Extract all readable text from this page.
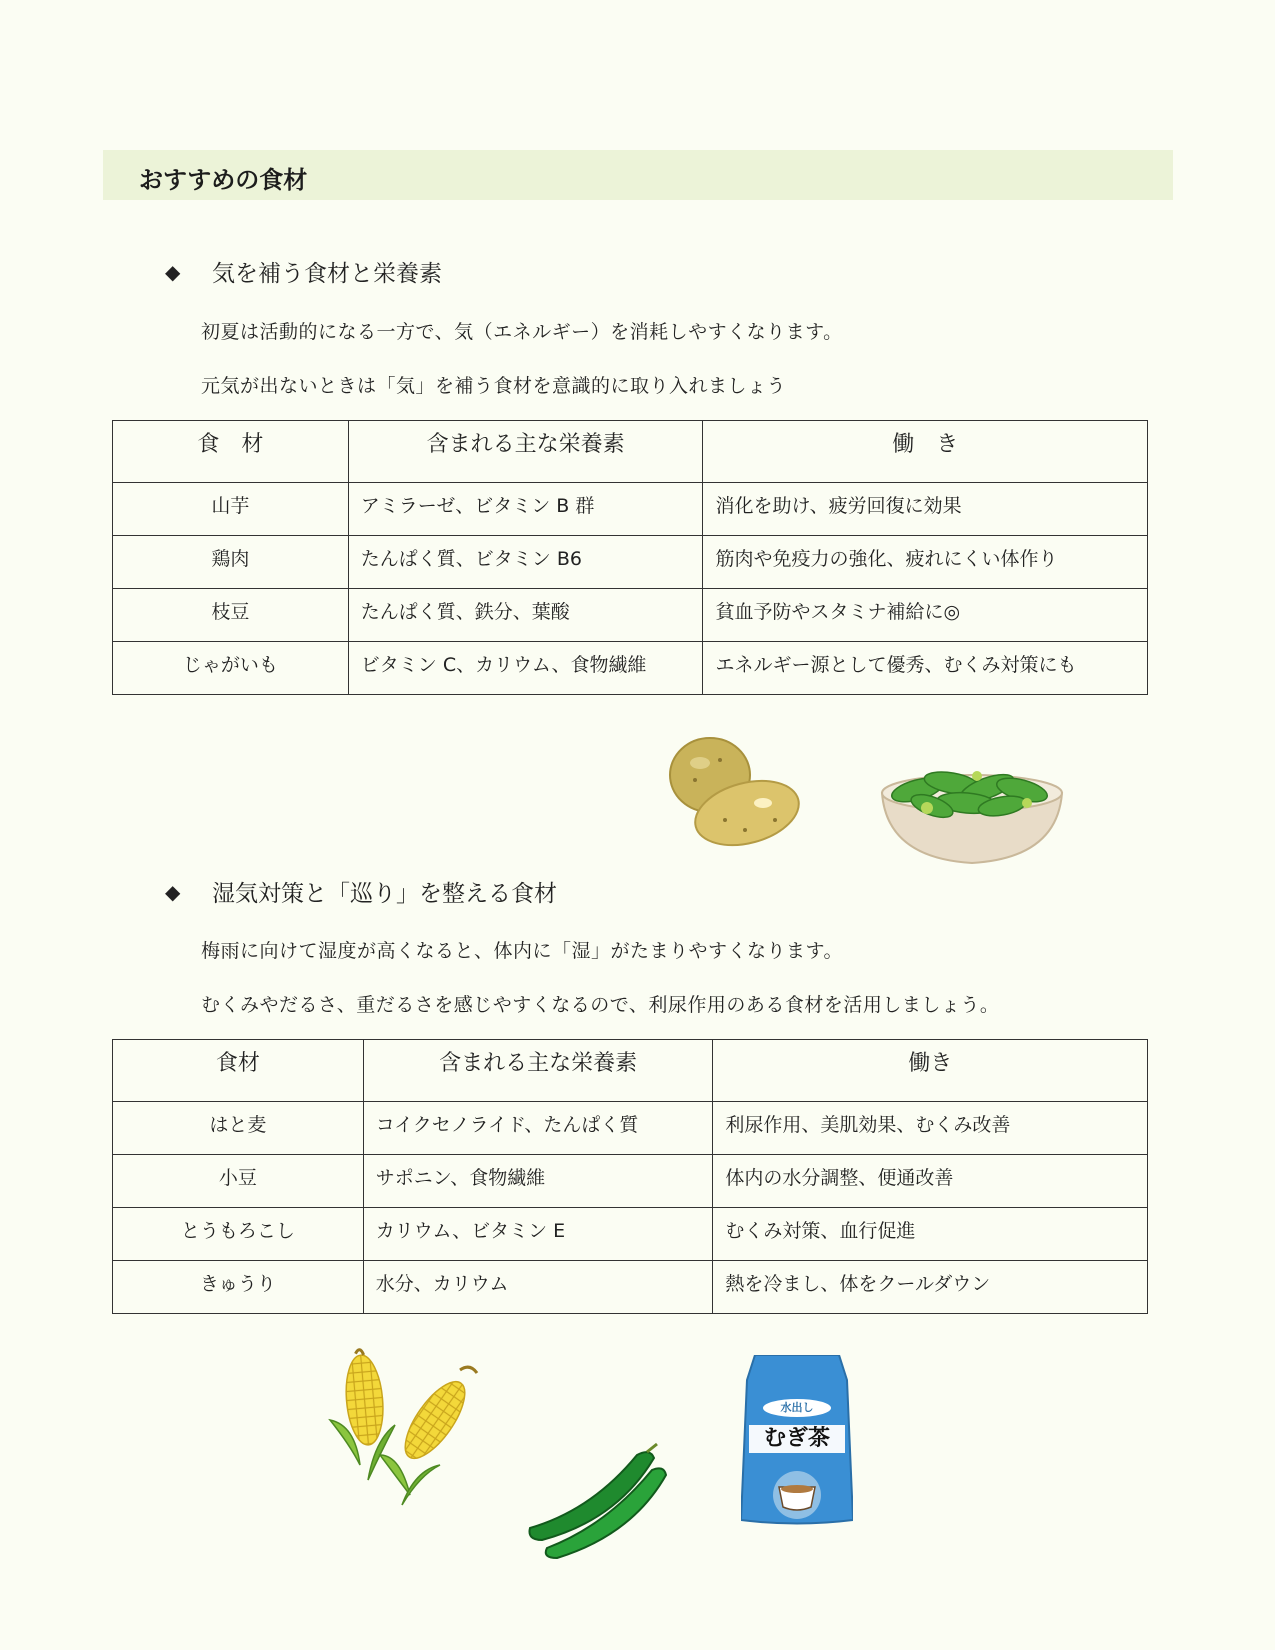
おすすめの食材
◆ 気を補う食材と栄養素
初夏は活動的になる一方で、気（エネルギー）を消耗しやすくなります。
元気が出ないときは「気」を補う食材を意識的に取り入れましょう
食　材	含まれる主な栄養素	働　き
山芋	アミラーゼ、ビタミン B 群	消化を助け、疲労回復に効果
鶏肉	たんぱく質、ビタミン B6	筋肉や免疫力の強化、疲れにくい体作り
枝豆	たんぱく質、鉄分、葉酸	貧血予防やスタミナ補給に◎
じゃがいも	ビタミン C、カリウム、食物繊維	エネルギー源として優秀、むくみ対策にも
◆ 湿気対策と「巡り」を整える食材
梅雨に向けて湿度が高くなると、体内に「湿」がたまりやすくなります。
むくみやだるさ、重だるさを感じやすくなるので、利尿作用のある食材を活用しましょう。
食材	含まれる主な栄養素	働き
はと麦	コイクセノライド、たんぱく質	利尿作用、美肌効果、むくみ改善
小豆	サポニン、食物繊維	体内の水分調整、便通改善
とうもろこし	カリウム、ビタミン E	むくみ対策、血行促進
きゅうり	水分、カリウム	熱を冷まし、体をクールダウン
水出し
むぎ茶
